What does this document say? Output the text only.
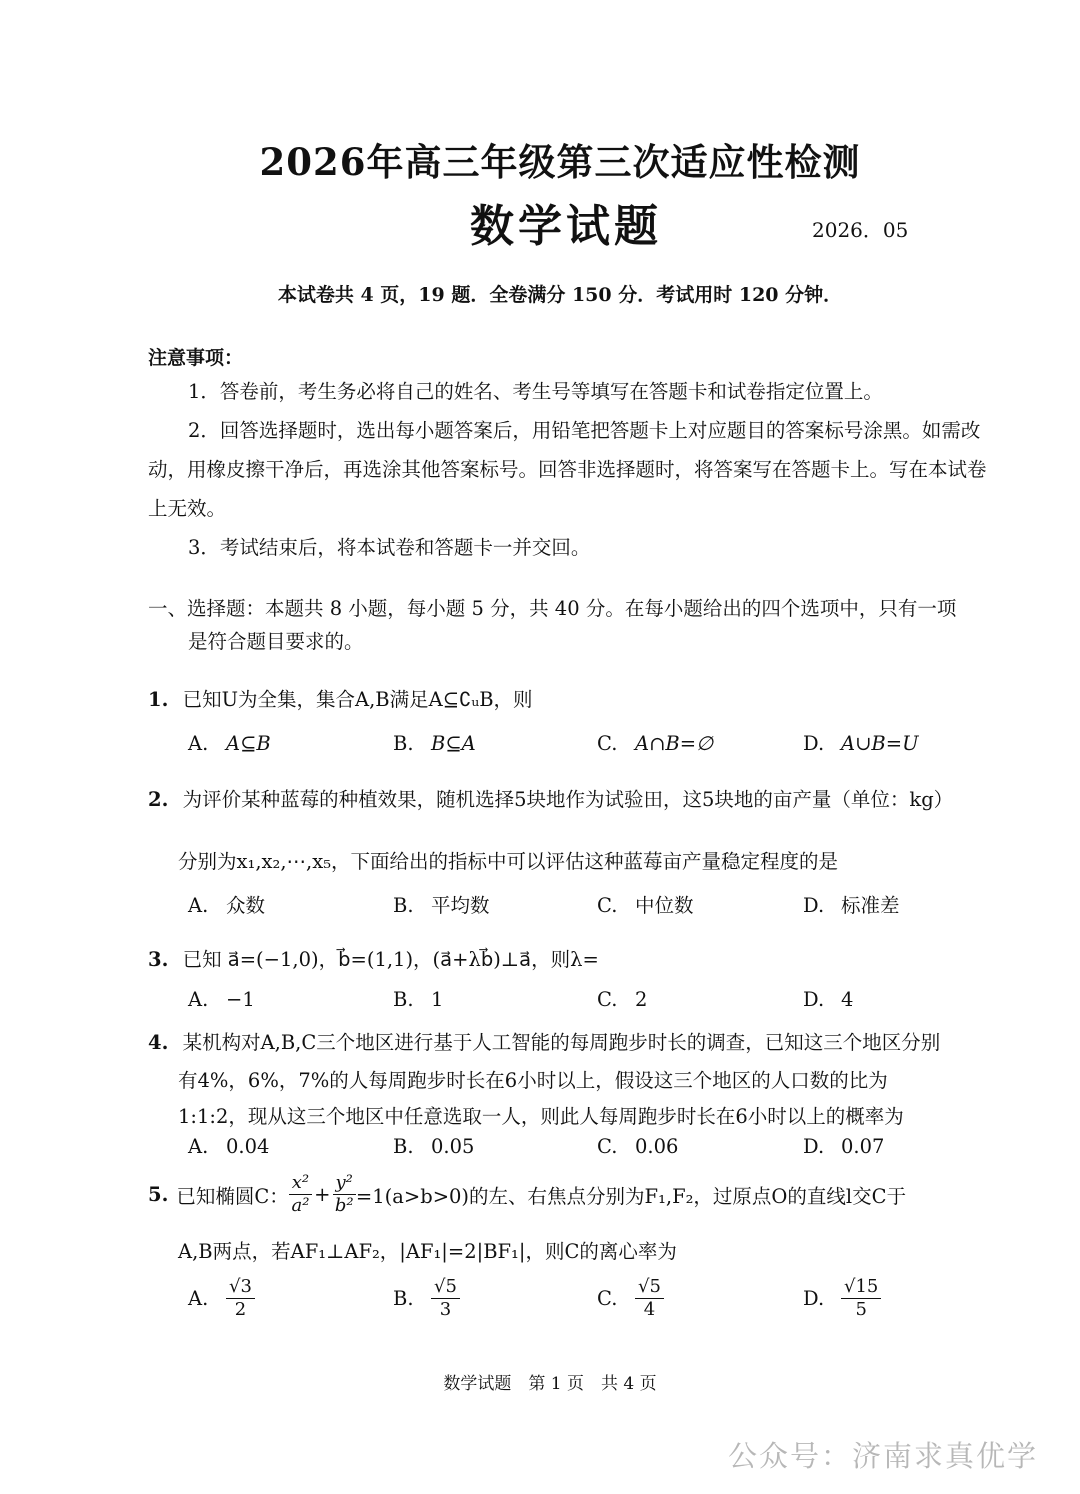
2026年高三年级第三次适应性检测
数学试题	2026．05
本试卷共 4 页，19 题．全卷满分 150 分．考试用时 120 分钟．
注意事项：
1．答卷前，考生务必将自己的姓名、考生号等填写在答题卡和试卷指定位置上。
2．回答选择题时，选出每小题答案后，用铅笔把答题卡上对应题目的答案标号涂黑。如需改动，用橡皮擦干净后，再选涂其他答案标号。回答非选择题时，将答案写在答题卡上。写在本试卷上无效。
3．考试结束后，将本试卷和答题卡一并交回。
一、选择题：本题共 8 小题，每小题 5 分，共 40 分。在每小题给出的四个选项中，只有一项
是符合题目要求的。
1. 已知U为全集，集合A,B满足A⊆∁ᵤB，则
A. A⊆B	B. B⊆A	C. A∩B=∅	D. A∪B=U
2. 为评价某种蓝莓的种植效果，随机选择5块地作为试验田，这5块地的亩产量（单位：kg）
分别为x₁,x₂,⋯,x₅，下面给出的指标中可以评估这种蓝莓亩产量稳定程度的是
A. 众数	B. 平均数	C. 中位数	D. 标准差
3. 已知 a⃗=(−1,0)，b⃗=(1,1)，(a⃗+λb⃗)⊥a⃗，则λ=
A. −1	B. 1	C. 2	D. 4
4. 某机构对A,B,C三个地区进行基于人工智能的每周跑步时长的调查，已知这三个地区分别
有4%，6%，7%的人每周跑步时长在6小时以上，假设这三个地区的人口数的比为
1:1:2，现从这三个地区中任意选取一人，则此人每周跑步时长在6小时以上的概率为
A. 0.04	B. 0.05	C. 0.06	D. 0.07
5. 已知椭圆C： $\frac{\text{x²}}{\text{a²}} + \frac{\text{y²}}{\text{b²}} =1(a>b>0)$的左、右焦点分别为F₁,F₂，过原点O的直线l交C于
A,B两点，若AF₁⊥AF₂，|AF₁|=2|BF₁|，则C的离心率为
A. $\frac{√3}{2}$	B. $\frac{√5}{3}$	C. $\frac{√5}{4}$	D. $\frac{√15}{5}$
数学试题　第 1 页　共 4 页
公众号：济南求真优学
